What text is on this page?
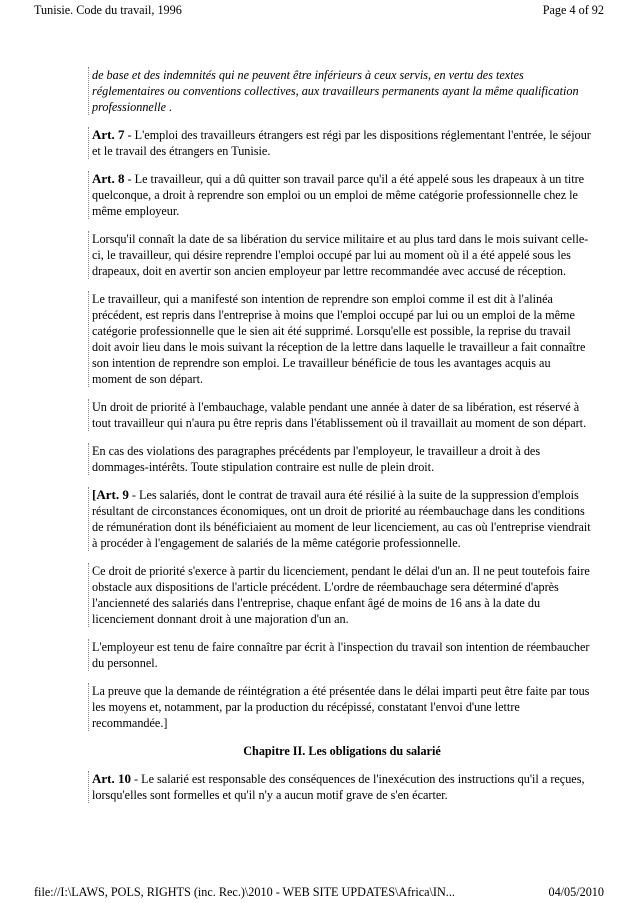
Tunisie. Code du travail, 1996	Page 4 of 92

de base et des indemnités qui ne peuvent être inférieurs à ceux servis, en vertu des textes réglementaires ou conventions collectives, aux travailleurs permanents ayant la même qualification professionnelle .

Art. 7 - L'emploi des travailleurs étrangers est régi par les dispositions réglementant l'entrée, le séjour et le travail des étrangers en Tunisie.

Art. 8 - Le travailleur, qui a dû quitter son travail parce qu'il a été appelé sous les drapeaux à un titre quelconque, a droit à reprendre son emploi ou un emploi de même catégorie professionnelle chez le même employeur.

Lorsqu'il connaît la date de sa libération du service militaire et au plus tard dans le mois suivant celle-ci, le travailleur, qui désire reprendre l'emploi occupé par lui au moment où il a été appelé sous les drapeaux, doit en avertir son ancien employeur par lettre recommandée avec accusé de réception.

Le travailleur, qui a manifesté son intention de reprendre son emploi comme il est dit à l'alinéa précédent, est repris dans l'entreprise à moins que l'emploi occupé par lui ou un emploi de la même catégorie professionnelle que le sien ait été supprimé. Lorsqu'elle est possible, la reprise du travail doit avoir lieu dans le mois suivant la réception de la lettre dans laquelle le travailleur a fait connaître son intention de reprendre son emploi. Le travailleur bénéficie de tous les avantages acquis au moment de son départ.

Un droit de priorité à l'embauchage, valable pendant une année à dater de sa libération, est réservé à tout travailleur qui n'aura pu être repris dans l'établissement où il travaillait au moment de son départ.

En cas des violations des paragraphes précédents par l'employeur, le travailleur a droit à des dommages-intérêts. Toute stipulation contraire est nulle de plein droit.

[Art. 9 - Les salariés, dont le contrat de travail aura été résilié à la suite de la suppression d'emplois résultant de circonstances économiques, ont un droit de priorité au réembauchage dans les conditions de rémunération dont ils bénéficiaient au moment de leur licenciement, au cas où l'entreprise viendrait à procéder à l'engagement de salariés de la même catégorie professionnelle.

Ce droit de priorité s'exerce à partir du licenciement, pendant le délai d'un an. Il ne peut toutefois faire obstacle aux dispositions de l'article précédent. L'ordre de réembauchage sera déterminé d'après l'ancienneté des salariés dans l'entreprise, chaque enfant âgé de moins de 16 ans à la date du licenciement donnant droit à une majoration d'un an.

L'employeur est tenu de faire connaître par écrit à l'inspection du travail son intention de réembaucher du personnel.

La preuve que la demande de réintégration a été présentée dans le délai imparti peut être faite par tous les moyens et, notamment, par la production du récépissé, constatant l'envoi d'une lettre recommandée.]

Chapitre II. Les obligations du salarié

Art. 10 - Le salarié est responsable des conséquences de l'inexécution des instructions qu'il a reçues, lorsqu'elles sont formelles et qu'il n'y a aucun motif grave de s'en écarter.

file://I:\LAWS, POLS, RIGHTS (inc. Rec.)\2010 - WEB SITE UPDATES\Africa\IN...	04/05/2010
